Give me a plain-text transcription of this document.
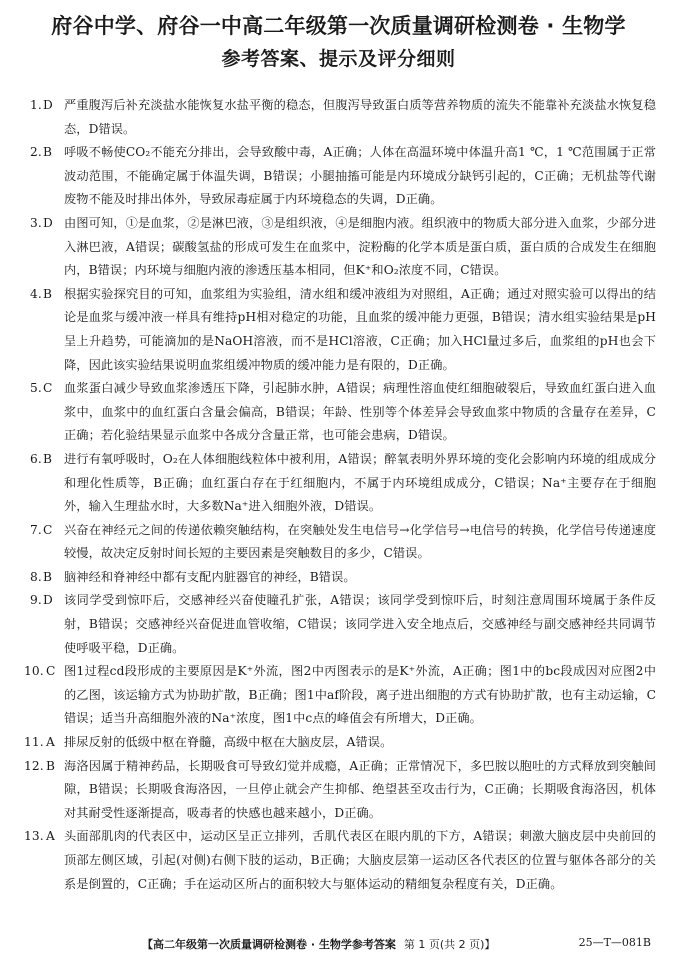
府谷中学、府谷一中高二年级第一次质量调研检测卷 · 生物学
参考答案、提示及评分细则
1. D 严重腹泻后补充淡盐水能恢复水盐平衡的稳态，但腹泻导致蛋白质等营养物质的流失不能靠补充淡盐水恢复稳态，D错误。
2. B 呼吸不畅使CO₂不能充分排出，会导致酸中毒，A正确；人体在高温环境中体温升高1 ℃，1 ℃范围属于正常波动范围，不能确定属于体温失调，B错误；小腿抽搐可能是内环境成分缺钙引起的，C正确；无机盐等代谢废物不能及时排出体外，导致尿毒症属于内环境稳态的失调，D正确。
3. D 由图可知，①是血浆，②是淋巴液，③是组织液，④是细胞内液。组织液中的物质大部分进入血浆，少部分进入淋巴液，A错误；碳酸氢盐的形成可发生在血浆中，淀粉酶的化学本质是蛋白质，蛋白质的合成发生在细胞内，B错误；内环境与细胞内液的渗透压基本相同，但K⁺和O₂浓度不同，C错误。
4. B 根据实验探究目的可知，血浆组为实验组，清水组和缓冲液组为对照组，A正确；通过对照实验可以得出的结论是血浆与缓冲液一样具有维持pH相对稳定的功能，且血浆的缓冲能力更强，B错误；清水组实验结果是pH呈上升趋势，可能滴加的是NaOH溶液，而不是HCl溶液，C正确；加入HCl量过多后，血浆组的pH也会下降，因此该实验结果说明血浆组缓冲物质的缓冲能力是有限的，D正确。
5. C 血浆蛋白减少导致血浆渗透压下降，引起肺水肿，A错误；病理性溶血使红细胞破裂后，导致血红蛋白进入血浆中，血浆中的血红蛋白含量会偏高，B错误；年龄、性别等个体差异会导致血浆中物质的含量存在差异，C正确；若化验结果显示血浆中各成分含量正常，也可能会患病，D错误。
6. B 进行有氧呼吸时，O₂在人体细胞线粒体中被利用，A错误；醉氧表明外界环境的变化会影响内环境的组成成分和理化性质等，B正确；血红蛋白存在于红细胞内，不属于内环境组成成分，C错误；Na⁺主要存在于细胞外，输入生理盐水时，大多数Na⁺进入细胞外液，D错误。
7. C 兴奋在神经元之间的传递依赖突触结构，在突触处发生电信号→化学信号→电信号的转换，化学信号传递速度较慢，故决定反射时间长短的主要因素是突触数目的多少，C错误。
8. B 脑神经和脊神经中都有支配内脏器官的神经，B错误。
9. D 该同学受到惊吓后，交感神经兴奋使瞳孔扩张，A错误；该同学受到惊吓后，时刻注意周围环境属于条件反射，B错误；交感神经兴奋促进血管收缩，C错误；该同学进入安全地点后，交感神经与副交感神经共同调节使呼吸平稳，D正确。
10. C 图1过程cd段形成的主要原因是K⁺外流，图2中丙图表示的是K⁺外流，A正确；图1中的bc段成因对应图2中的乙图，该运输方式为协助扩散，B正确；图1中af阶段，离子进出细胞的方式有协助扩散，也有主动运输，C错误；适当升高细胞外液的Na⁺浓度，图1中c点的峰值会有所增大，D正确。
11. A 排尿反射的低级中枢在脊髓，高级中枢在大脑皮层，A错误。
12. B 海洛因属于精神药品，长期吸食可导致幻觉并成瘾，A正确；正常情况下，多巴胺以胞吐的方式释放到突触间隙，B错误；长期吸食海洛因，一旦停止就会产生抑郁、绝望甚至攻击行为，C正确；长期吸食海洛因，机体对其耐受性逐渐提高，吸毒者的快感也越来越小，D正确。
13. A 头面部肌肉的代表区中，运动区呈正立排列，舌肌代表区在眼内肌的下方，A错误；刺激大脑皮层中央前回的顶部左侧区域，引起(对侧)右侧下肢的运动，B正确；大脑皮层第一运动区各代表区的位置与躯体各部分的关系是倒置的，C正确；手在运动区所占的面积较大与躯体运动的精细复杂程度有关，D正确。
【高二年级第一次质量调研检测卷 · 生物学参考答案 第 1 页(共 2 页)】	25—T—081B
